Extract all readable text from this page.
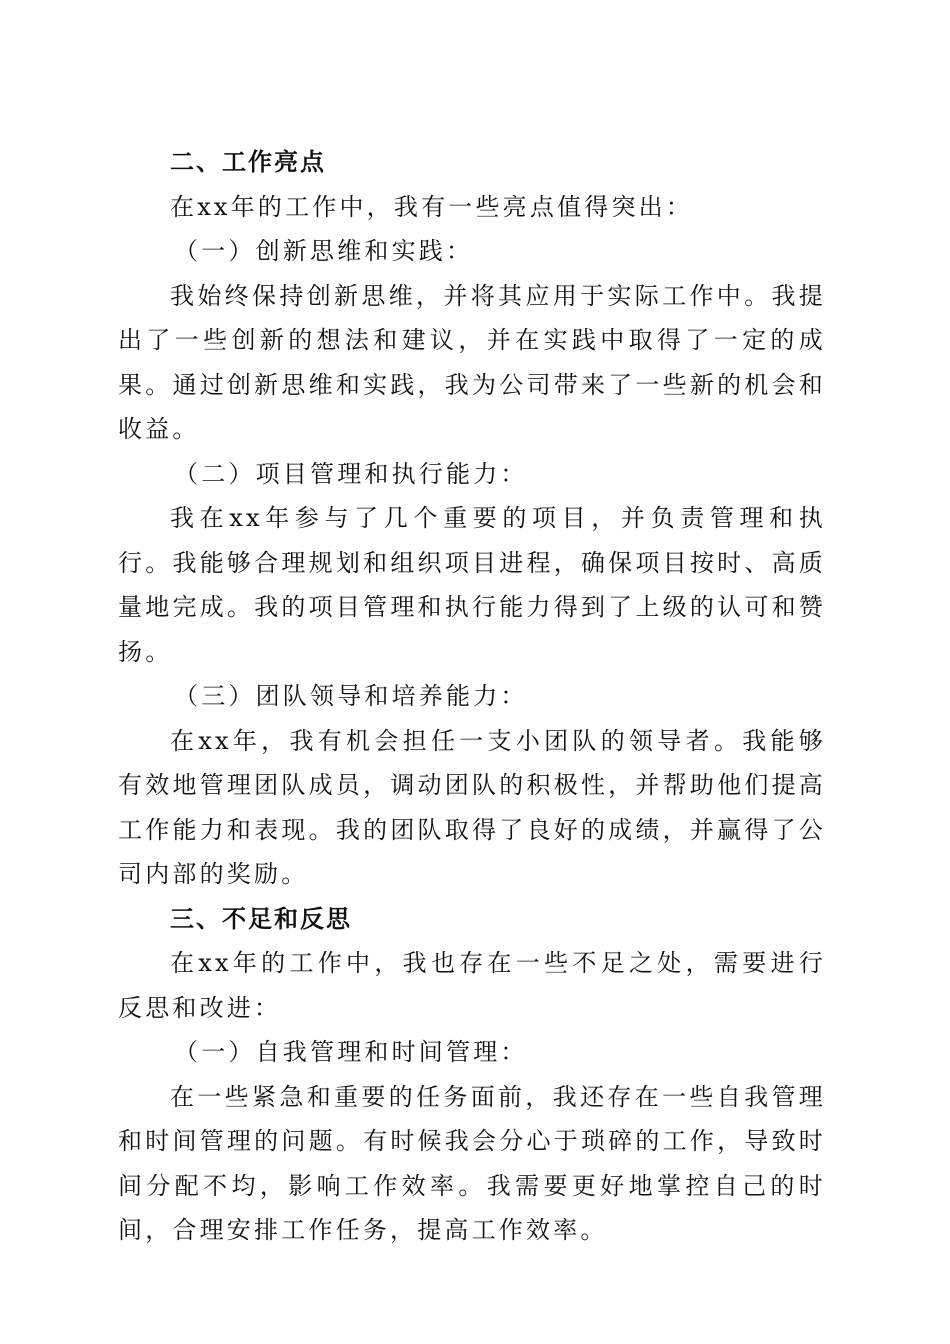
二、工作亮点

在xx年的工作中，我有一些亮点值得突出：

（一）创新思维和实践：

我始终保持创新思维，并将其应用于实际工作中。我提出了一些创新的想法和建议，并在实践中取得了一定的成果。通过创新思维和实践，我为公司带来了一些新的机会和收益。

（二）项目管理和执行能力：

我在xx年参与了几个重要的项目，并负责管理和执行。我能够合理规划和组织项目进程，确保项目按时、高质量地完成。我的项目管理和执行能力得到了上级的认可和赞扬。

（三）团队领导和培养能力：

在xx年，我有机会担任一支小团队的领导者。我能够有效地管理团队成员，调动团队的积极性，并帮助他们提高工作能力和表现。我的团队取得了良好的成绩，并赢得了公司内部的奖励。

三、不足和反思

在xx年的工作中，我也存在一些不足之处，需要进行反思和改进：

（一）自我管理和时间管理：

在一些紧急和重要的任务面前，我还存在一些自我管理和时间管理的问题。有时候我会分心于琐碎的工作，导致时间分配不均，影响工作效率。我需要更好地掌控自己的时间，合理安排工作任务，提高工作效率。
